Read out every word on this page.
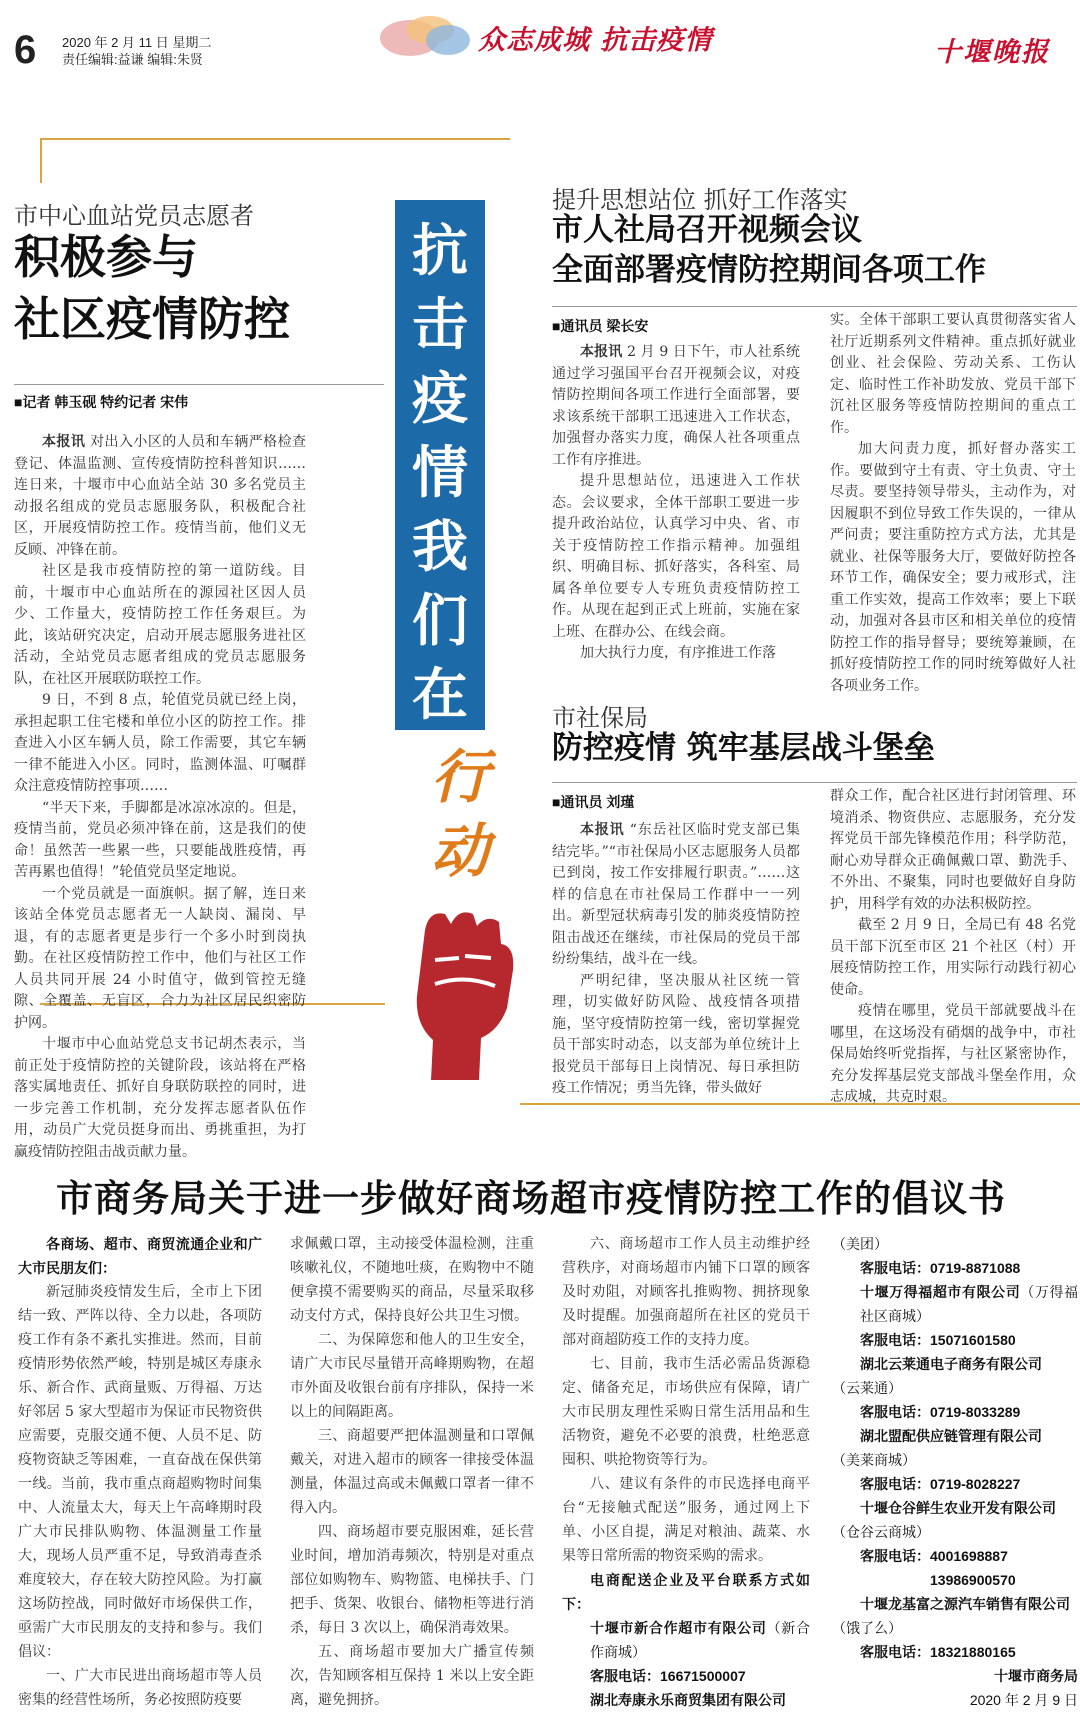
6 2020 年 2 月 11 日 星期二
责任编辑:益谦 编辑:朱贤
众志成城 抗击疫情	十堰晚报
抗击疫情我们在
行动
市中心血站党员志愿者
积极参与
社区疫情防控
■记者 韩玉砚 特约记者 宋伟

本报讯 对出入小区的人员和车辆严格检查登记、体温监测、宣传疫情防控科普知识……连日来，十堰市中心血站全站 30 多名党员主动报名组成的党员志愿服务队，积极配合社区，开展疫情防控工作。疫情当前，他们义无反顾、冲锋在前。

社区是我市疫情防控的第一道防线。目前，十堰市中心血站所在的源园社区因人员少、工作量大，疫情防控工作任务艰巨。为此，该站研究决定，启动开展志愿服务进社区活动，全站党员志愿者组成的党员志愿服务队，在社区开展联防联控工作。

9 日，不到 8 点，轮值党员就已经上岗，承担起职工住宅楼和单位小区的防控工作。排查进入小区车辆人员，除工作需要，其它车辆一律不能进入小区。同时，监测体温、叮嘱群众注意疫情防控事项……

“半天下来，手脚都是冰凉冰凉的。但是，疫情当前，党员必须冲锋在前，这是我们的使命！虽然苦一些累一些，只要能战胜疫情，再苦再累也值得！”轮值党员坚定地说。

一个党员就是一面旗帜。据了解，连日来该站全体党员志愿者无一人缺岗、漏岗、早退，有的志愿者更是步行一个多小时到岗执勤。在社区疫情防控工作中，他们与社区工作人员共同开展 24 小时值守，做到管控无缝隙、全覆盖、无盲区，合力为社区居民织密防护网。

十堰市中心血站党总支书记胡杰表示，当前正处于疫情防控的关键阶段，该站将在严格落实属地责任、抓好自身联防联控的同时，进一步完善工作机制，充分发挥志愿者队伍作用，动员广大党员挺身而出、勇挑重担，为打赢疫情防控阻击战贡献力量。

提升思想站位 抓好工作落实
市人社局召开视频会议
全面部署疫情防控期间各项工作
■通讯员 梁长安

本报讯 2 月 9 日下午，市人社系统通过学习强国平台召开视频会议，对疫情防控期间各项工作进行全面部署，要求该系统干部职工迅速进入工作状态，加强督办落实力度，确保人社各项重点工作有序推进。

提升思想站位，迅速进入工作状态。会议要求，全体干部职工要进一步提升政治站位，认真学习中央、省、市关于疫情防控工作指示精神。加强组织、明确目标、抓好落实，各科室、局属各单位要专人专班负责疫情防控工作。从现在起到正式上班前，实施在家上班、在群办公、在线会商。

加大执行力度，有序推进工作落

实。全体干部职工要认真贯彻落实省人社厅近期系列文件精神。重点抓好就业创业、社会保险、劳动关系、工伤认定、临时性工作补助发放、党员干部下沉社区服务等疫情防控期间的重点工作。

加大问责力度，抓好督办落实工作。要做到守土有责、守土负责、守土尽责。要坚持领导带头，主动作为，对因履职不到位导致工作失误的，一律从严问责；要注重防控方式方法，尤其是就业、社保等服务大厅，要做好防控各环节工作，确保安全；要力戒形式，注重工作实效，提高工作效率；要上下联动，加强对各县市区和相关单位的疫情防控工作的指导督导；要统筹兼顾，在抓好疫情防控工作的同时统筹做好人社各项业务工作。

市社保局
防控疫情 筑牢基层战斗堡垒
■通讯员 刘瑾

本报讯 “东岳社区临时党支部已集结完毕。”“市社保局小区志愿服务人员都已到岗，按工作安排履行职责。”……这样的信息在市社保局工作群中一一列出。新型冠状病毒引发的肺炎疫情防控阻击战还在继续，市社保局的党员干部纷纷集结，战斗在一线。

严明纪律，坚决服从社区统一管理，切实做好防风险、战疫情各项措施，坚守疫情防控第一线，密切掌握党员干部实时动态，以支部为单位统计上报党员干部每日上岗情况、每日承担防疫工作情况；勇当先锋，带头做好

群众工作，配合社区进行封闭管理、环境消杀、物资供应、志愿服务，充分发挥党员干部先锋模范作用；科学防范，耐心劝导群众正确佩戴口罩、勤洗手、不外出、不聚集，同时也要做好自身防护，用科学有效的办法积极防控。

截至 2 月 9 日，全局已有 48 名党员干部下沉至市区 21 个社区（村）开展疫情防控工作，用实际行动践行初心使命。

疫情在哪里，党员干部就要战斗在哪里，在这场没有硝烟的战争中，市社保局始终听党指挥，与社区紧密协作，充分发挥基层党支部战斗堡垒作用，众志成城，共克时艰。

市商务局关于进一步做好商场超市疫情防控工作的倡议书

各商场、超市、商贸流通企业和广大市民朋友们：

新冠肺炎疫情发生后，全市上下团结一致、严阵以待、全力以赴，各项防疫工作有条不紊扎实推进。然而，目前疫情形势依然严峻，特别是城区寿康永乐、新合作、武商量贩、万得福、万达好邻居 5 家大型超市为保证市民物资供应需要，克服交通不便、人员不足、防疫物资缺乏等困难，一直奋战在保供第一线。当前，我市重点商超购物时间集中、人流量太大，每天上午高峰期时段广大市民排队购物、体温测量工作量大，现场人员严重不足，导致消毒查杀难度较大，存在较大防控风险。为打赢这场防控战，同时做好市场保供工作，亟需广大市民朋友的支持和参与。我们倡议：

一、广大市民进出商场超市等人员密集的经营性场所，务必按照防疫要

求佩戴口罩，主动接受体温检测，注重咳嗽礼仪，不随地吐痰，在购物中不随便拿摸不需要购买的商品，尽量采取移动支付方式，保持良好公共卫生习惯。

二、为保障您和他人的卫生安全，请广大市民尽量错开高峰期购物，在超市外面及收银台前有序排队，保持一米以上的间隔距离。

三、商超要严把体温测量和口罩佩戴关，对进入超市的顾客一律接受体温测量，体温过高或未佩戴口罩者一律不得入内。

四、商场超市要克服困难，延长营业时间，增加消毒频次，特别是对重点部位如购物车、购物篮、电梯扶手、门把手、货架、收银台、储物柜等进行消杀，每日 3 次以上，确保消毒效果。

五、商场超市要加大广播宣传频次，告知顾客相互保持 1 米以上安全距离，避免拥挤。

六、商场超市工作人员主动维护经营秩序，对商场超市内铺下口罩的顾客及时劝阻，对顾客扎推购物、拥挤现象及时提醒。加强商超所在社区的党员干部对商超防疫工作的支持力度。

七、目前，我市生活必需品货源稳定、储备充足，市场供应有保障，请广大市民朋友理性采购日常生活用品和生活物资，避免不必要的浪费，杜绝恶意囤积、哄抢物资等行为。

八、建议有条件的市民选择电商平台“无接触式配送”服务，通过网上下单、小区自提，满足对粮油、蔬菜、水果等日常所需的物资采购的需求。

电商配送企业及平台联系方式如下：

十堰市新合作超市有限公司（新合作商城）
客服电话：16671500007
湖北寿康永乐商贸集团有限公司
（美团）
客服电话：0719-8871088
十堰万得福超市有限公司（万得福社区商城）
客服电话：15071601580
湖北云莱通电子商务有限公司
（云莱通）
客服电话：0719-8033289
湖北盟配供应链管理有限公司
（美莱商城）
客服电话：0719-8028227
十堰仓谷鲜生农业开发有限公司
（仓谷云商城）
客服电话：4001698887
13986900570
十堰龙基富之源汽车销售有限公司
（饿了么）
客服电话：18321880165
十堰市商务局
2020 年 2 月 9 日
